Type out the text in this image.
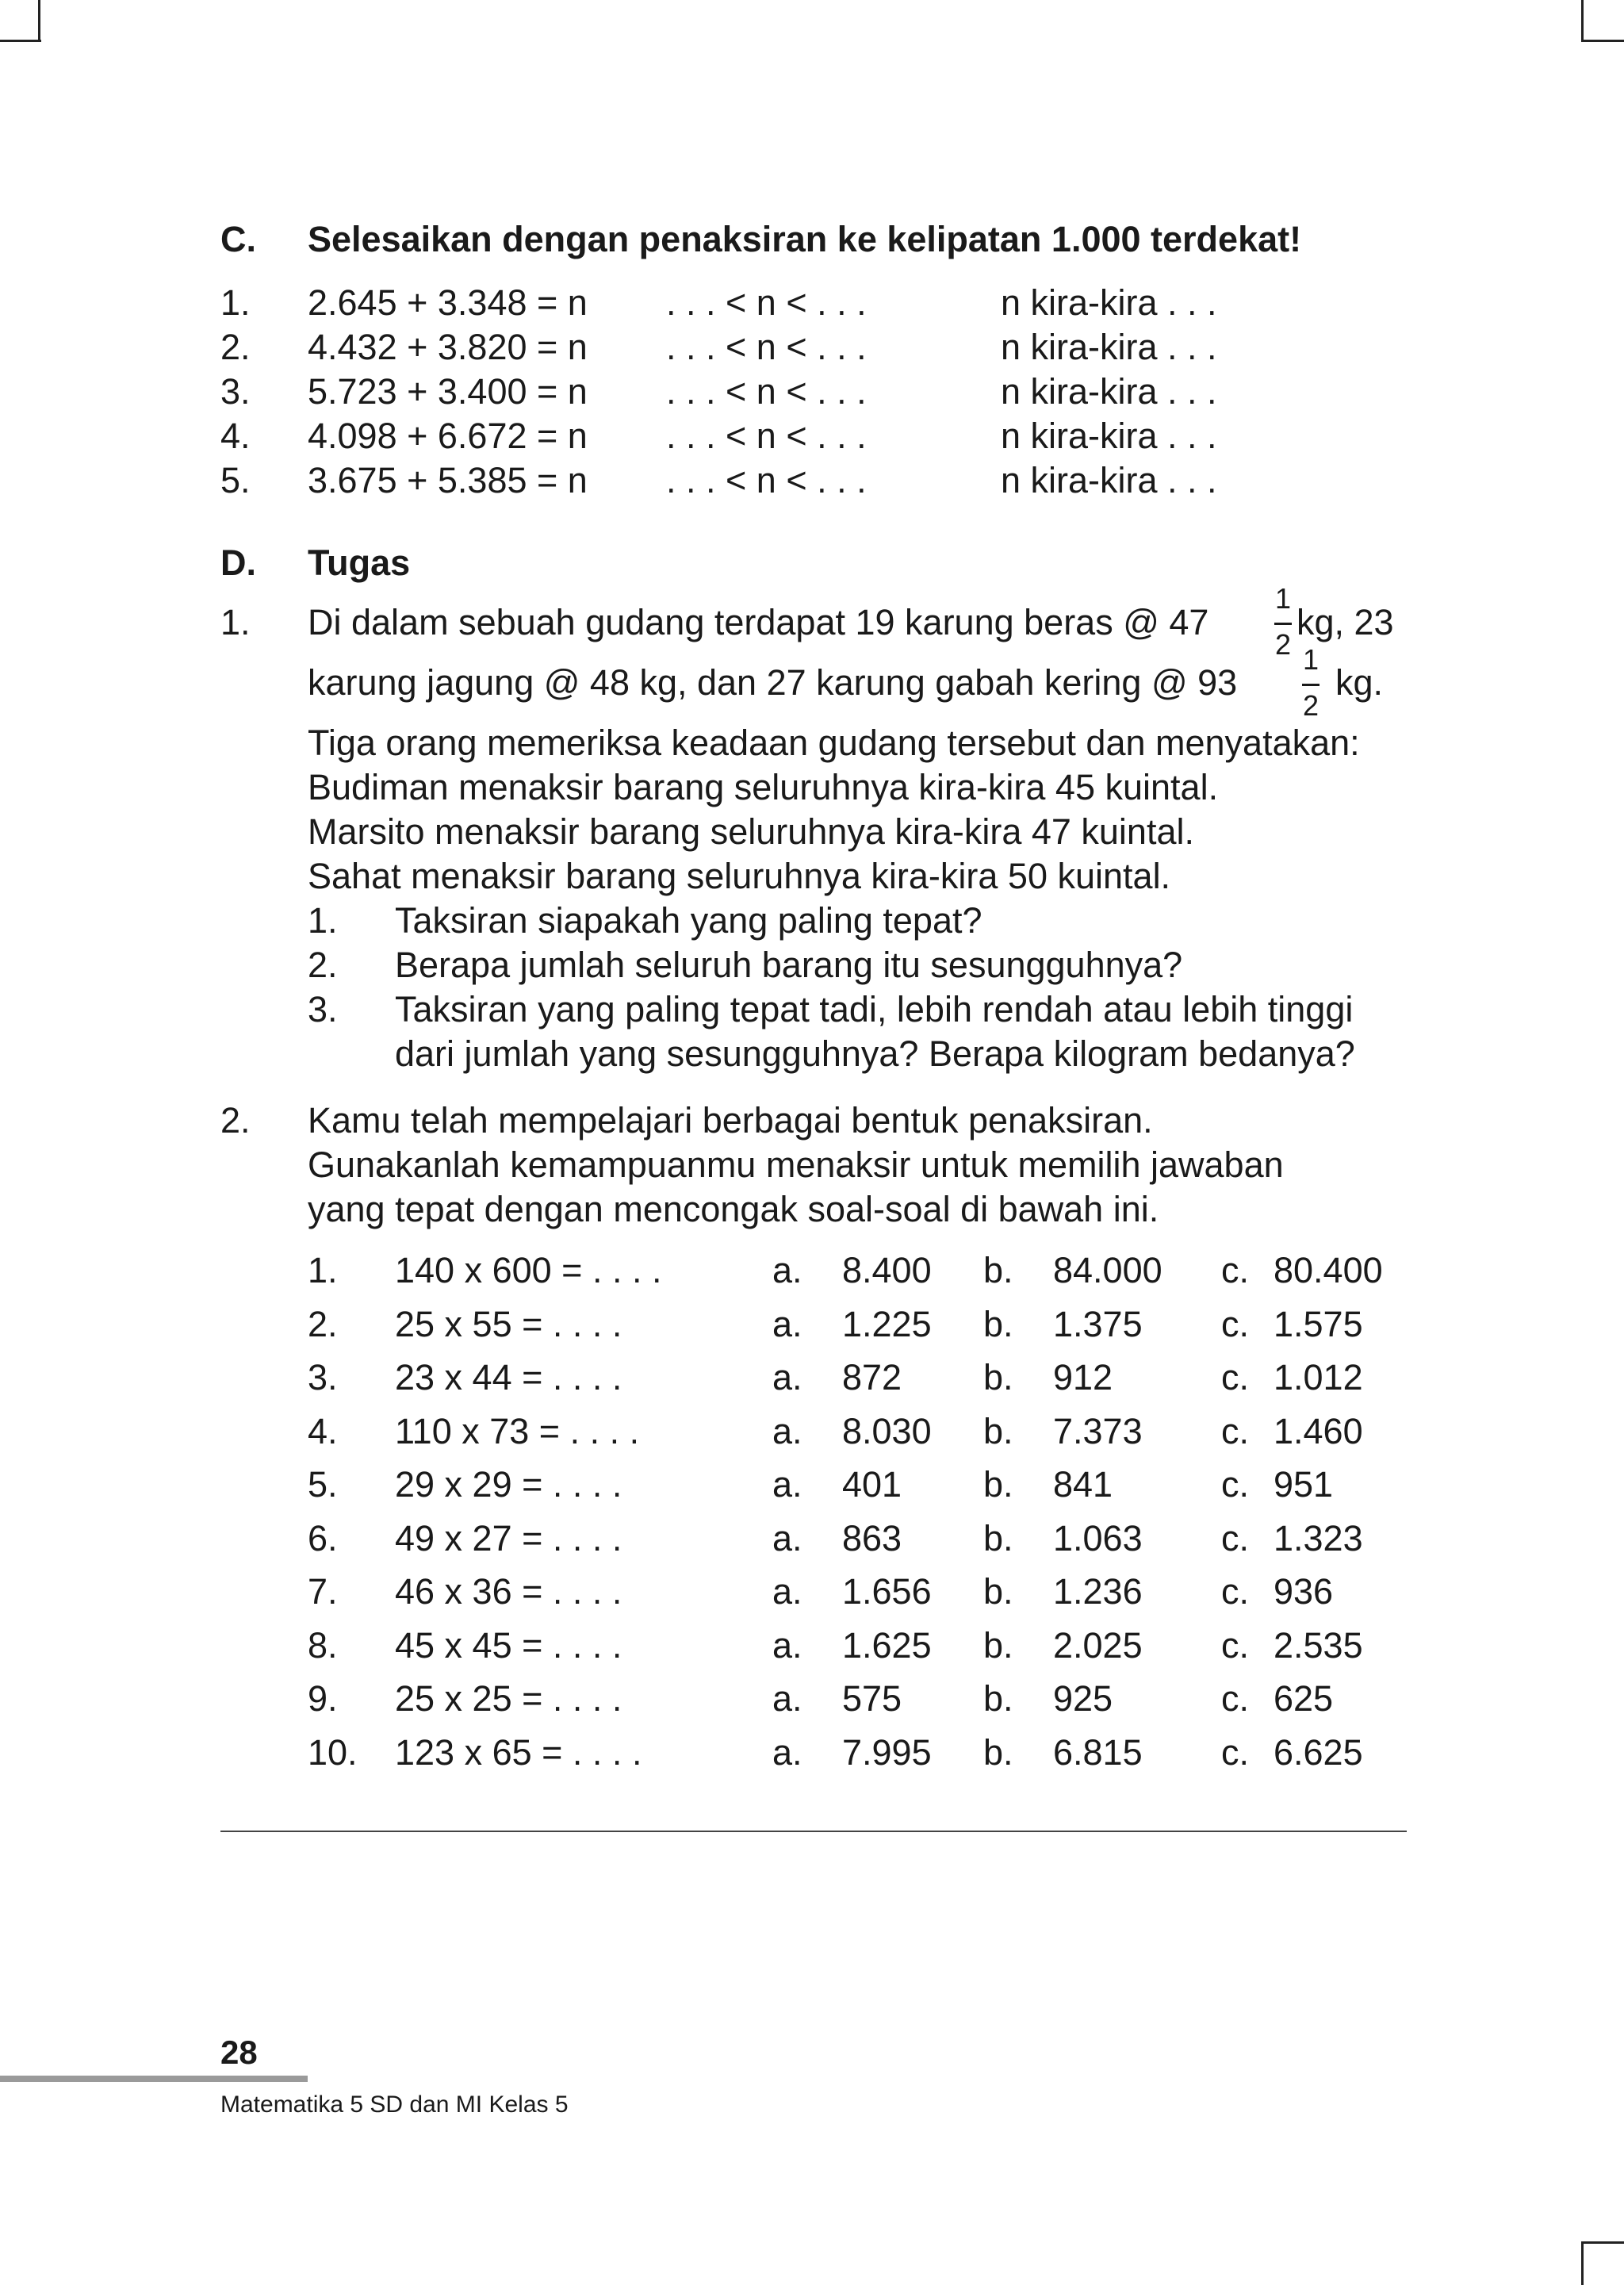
C. Selesaikan dengan penaksiran ke kelipatan 1.000 terdekat!
1. 2.645 + 3.348 = n . . . < n < . . .	n kira-kira . . .
2. 4.432 + 3.820 = n . . . < n < . . .	n kira-kira . . .
3. 5.723 + 3.400 = n . . . < n < . . .	n kira-kira . . .
4. 4.098 + 6.672 = n . . . < n < . . .	n kira-kira . . .
5. 3.675 + 5.385 = n . . . < n < . . .	n kira-kira . . .
D. Tugas
1. Di dalam sebuah gudang terdapat 19 karung beras @ 47
1
2
kg, 23
karung jagung @ 48 kg, dan 27 karung gabah kering @ 93
1
2
kg.
Tiga orang memeriksa keadaan gudang tersebut dan menyatakan:
Budiman menaksir barang seluruhnya kira-kira 45 kuintal.
Marsito menaksir barang seluruhnya kira-kira 47 kuintal.
Sahat menaksir barang seluruhnya kira-kira 50 kuintal.
1. Taksiran siapakah yang paling tepat?
2. Berapa jumlah seluruh barang itu sesungguhnya?
3. Taksiran yang paling tepat tadi, lebih rendah atau lebih tinggi
dari jumlah yang sesungguhnya? Berapa kilogram bedanya?
2. Kamu telah mempelajari berbagai bentuk penaksiran.
Gunakanlah kemampuanmu menaksir untuk memilih jawaban
yang tepat dengan mencongak soal-soal di bawah ini.
1. 140 x 600 = . . . .	a. 8.400 b. 84.000 c. 80.400
2. 25 x 55 = . . . .	a. 1.225 b. 1.375 c. 1.575
3. 23 x 44 = . . . .	a. 872 b. 912	c. 1.012
4. 110 x 73 = . . . .	a. 8.030 b. 7.373 c. 1.460
5. 29 x 29 = . . . .	a. 401 b. 841	c. 951
6. 49 x 27 = . . . .	a. 863 b. 1.063 c. 1.323
7. 46 x 36 = . . . .	a. 1.656 b. 1.236 c. 936
8. 45 x 45 = . . . .	a. 1.625 b. 2.025 c. 2.535
9. 25 x 25 = . . . .	a. 575 b. 925	c. 625
10. 123 x 65 = . . . .	a. 7.995 b. 6.815 c. 6.625
28
Matematika 5 SD dan MI Kelas 5
